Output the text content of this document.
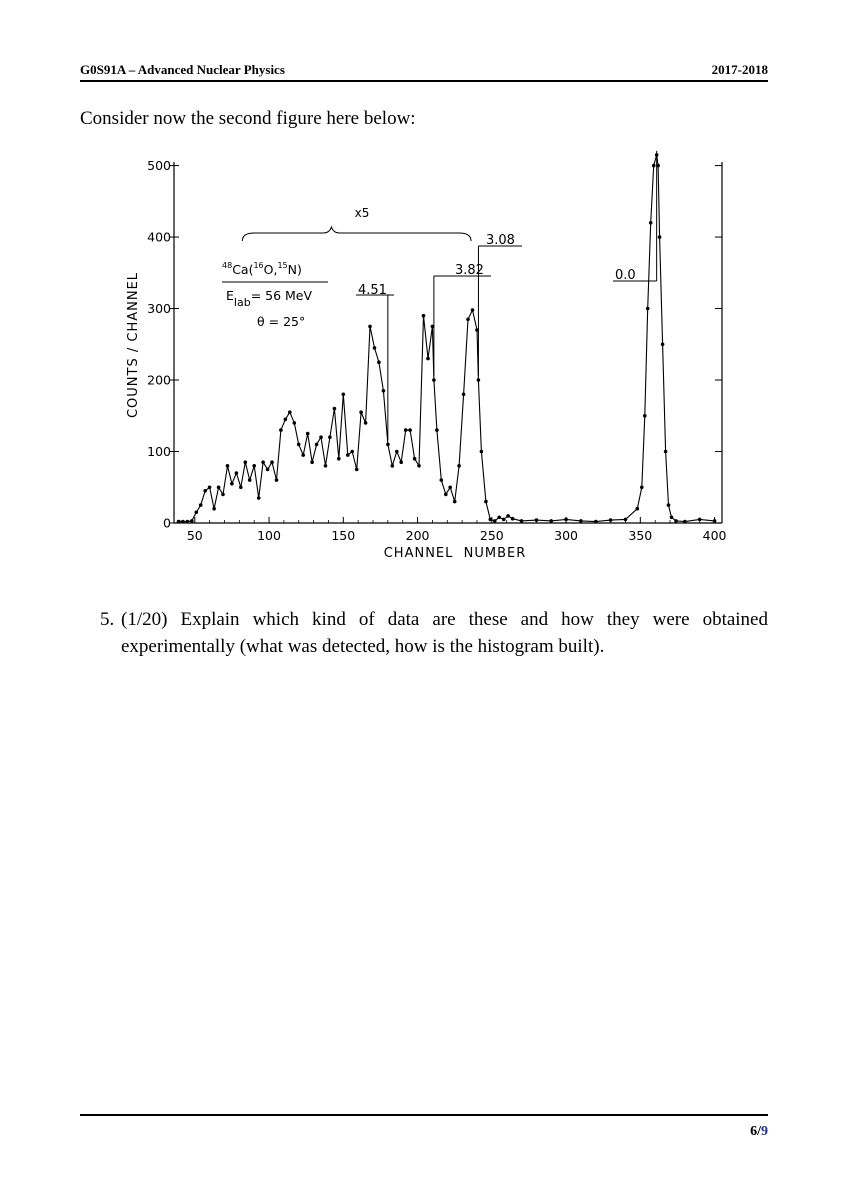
G0S91A – Advanced Nuclear Physics	2017-2018
Consider now the second figure here below:
0
100
200
300
400
500
50	100	150	200	250	300	350	400
4.51
3.82
3.08
0.0
CHANNEL  NUMBER
COUNTS / CHANNEL
x5
$^{48}$Ca($^{16}$O,$^{15}$N)
Elab= 56 MeV
θ = 25°
5. (1/20) Explain which kind of data are these and how they were obtained experimentally (what was detected, how is the histogram built).
6/9
